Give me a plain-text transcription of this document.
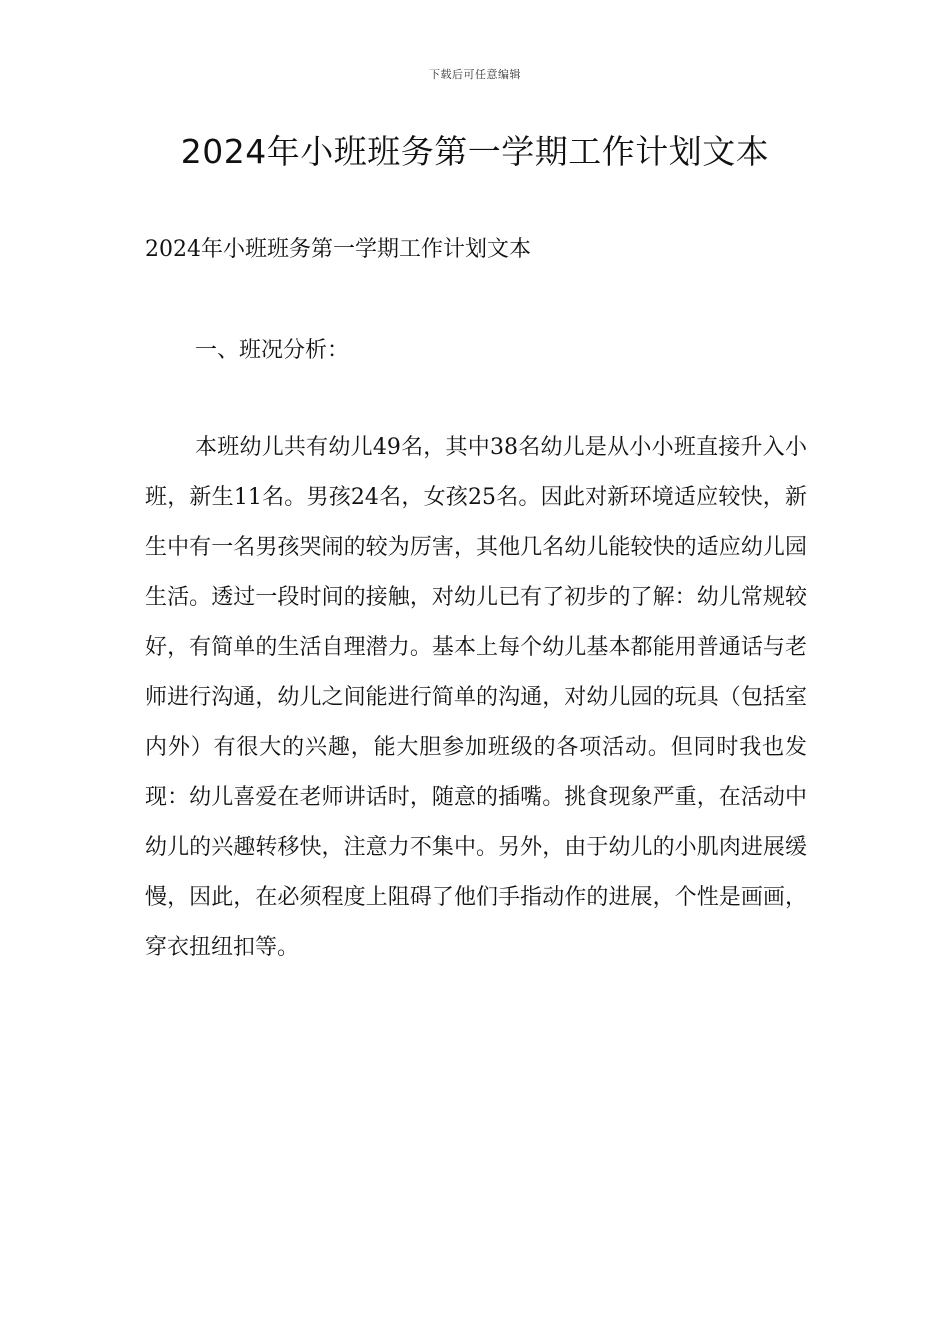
下载后可任意编辑
2024年小班班务第一学期工作计划文本
2024年小班班务第一学期工作计划文本
一、班况分析：

本班幼儿共有幼儿49名，其中38名幼儿是从小小班直接升入小班，新生11名。男孩24名，女孩25名。因此对新环境适应较快，新生中有一名男孩哭闹的较为厉害，其他几名幼儿能较快的适应幼儿园生活。透过一段时间的接触，对幼儿已有了初步的了解：幼儿常规较好，有简单的生活自理潜力。基本上每个幼儿基本都能用普通话与老师进行沟通，幼儿之间能进行简单的沟通，对幼儿园的玩具（包括室内外）有很大的兴趣，能大胆参加班级的各项活动。但同时我也发现：幼儿喜爱在老师讲话时，随意的插嘴。挑食现象严重，在活动中幼儿的兴趣转移快，注意力不集中。另外，由于幼儿的小肌肉进展缓慢，因此，在必须程度上阻碍了他们手指动作的进展，个性是画画，穿衣扭纽扣等。
